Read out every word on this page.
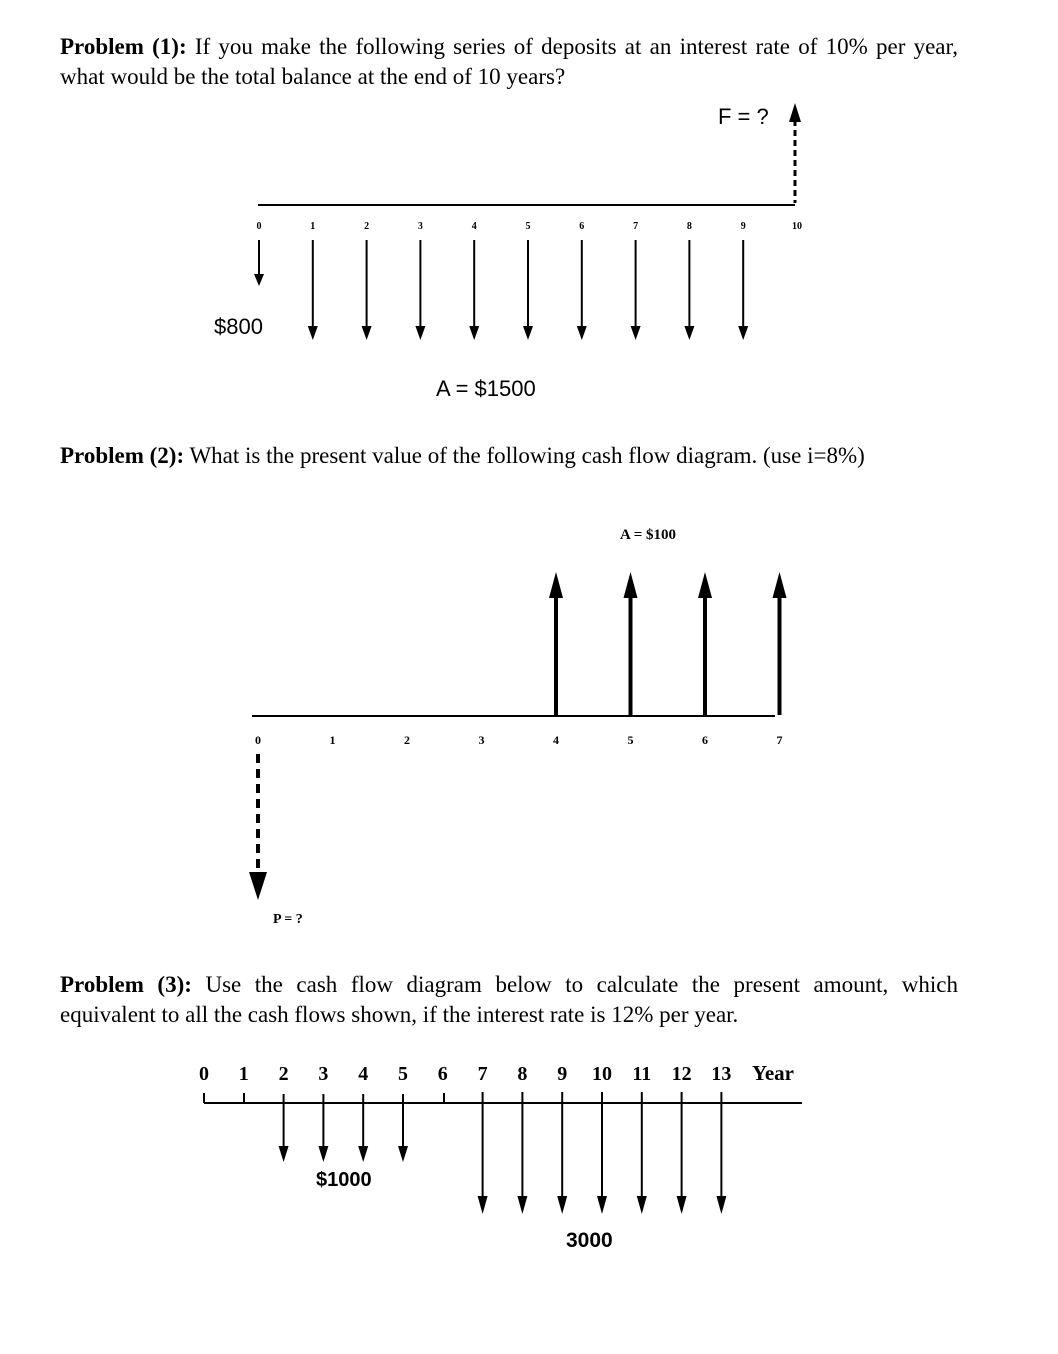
Problem (1): If you make the following series of deposits at an interest rate of 10% per year, what would be the total balance at the end of 10 years?
F = ?
$800
A = $1500
0	1	2	3	4	5	6	7	8	9	10
Problem (2): What is the present value of the following cash flow diagram. (use i=8%)
A = $100
P = ?
0	1	2	3	4	5	6	7
Problem (3): Use the cash flow diagram below to calculate the present amount, which equivalent to all the cash flows shown, if the interest rate is 12% per year.
Year
$1000
3000
0 1 2 3 4 5 6 7 8 9 10 11 12 13
